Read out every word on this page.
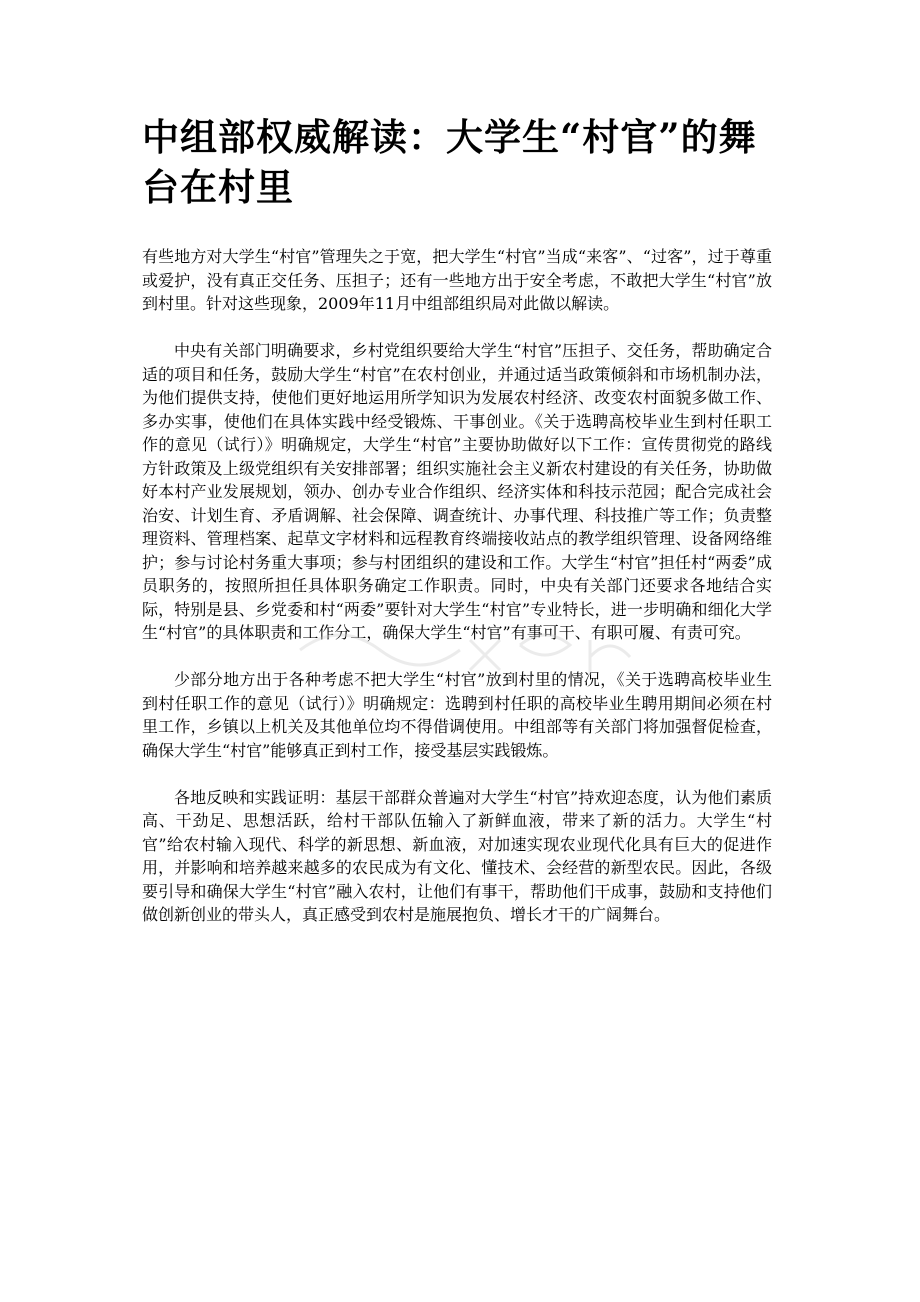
中组部权威解读：大学生“村官”的舞台在村里

有些地方对大学生“村官”管理失之于宽，把大学生“村官”当成“来客”、“过客”，过于尊重或爱护，没有真正交任务、压担子；还有一些地方出于安全考虑，不敢把大学生“村官”放到村里。针对这些现象，2009年11月中组部组织局对此做以解读。

中央有关部门明确要求，乡村党组织要给大学生“村官”压担子、交任务，帮助确定合适的项目和任务，鼓励大学生“村官”在农村创业，并通过适当政策倾斜和市场机制办法，为他们提供支持，使他们更好地运用所学知识为发展农村经济、改变农村面貌多做工作、多办实事，使他们在具体实践中经受锻炼、干事创业。《关于选聘高校毕业生到村任职工作的意见（试行）》明确规定，大学生“村官”主要协助做好以下工作：宣传贯彻党的路线方针政策及上级党组织有关安排部署；组织实施社会主义新农村建设的有关任务，协助做好本村产业发展规划，领办、创办专业合作组织、经济实体和科技示范园；配合完成社会治安、计划生育、矛盾调解、社会保障、调查统计、办事代理、科技推广等工作；负责整理资料、管理档案、起草文字材料和远程教育终端接收站点的教学组织管理、设备网络维护；参与讨论村务重大事项；参与村团组织的建设和工作。大学生“村官”担任村“两委”成员职务的，按照所担任具体职务确定工作职责。同时，中央有关部门还要求各地结合实际，特别是县、乡党委和村“两委”要针对大学生“村官”专业特长，进一步明确和细化大学生“村官”的具体职责和工作分工，确保大学生“村官”有事可干、有职可履、有责可究。

少部分地方出于各种考虑不把大学生“村官”放到村里的情况，《关于选聘高校毕业生到村任职工作的意见（试行）》明确规定：选聘到村任职的高校毕业生聘用期间必须在村里工作，乡镇以上机关及其他单位均不得借调使用。中组部等有关部门将加强督促检查，确保大学生“村官”能够真正到村工作，接受基层实践锻炼。

各地反映和实践证明：基层干部群众普遍对大学生“村官”持欢迎态度，认为他们素质高、干劲足、思想活跃，给村干部队伍输入了新鲜血液，带来了新的活力。大学生“村官”给农村输入现代、科学的新思想、新血液，对加速实现农业现代化具有巨大的促进作用，并影响和培养越来越多的农民成为有文化、懂技术、会经营的新型农民。因此，各级要引导和确保大学生“村官”融入农村，让他们有事干，帮助他们干成事，鼓励和支持他们做创新创业的带头人，真正感受到农村是施展抱负、增长才干的广阔舞台。
